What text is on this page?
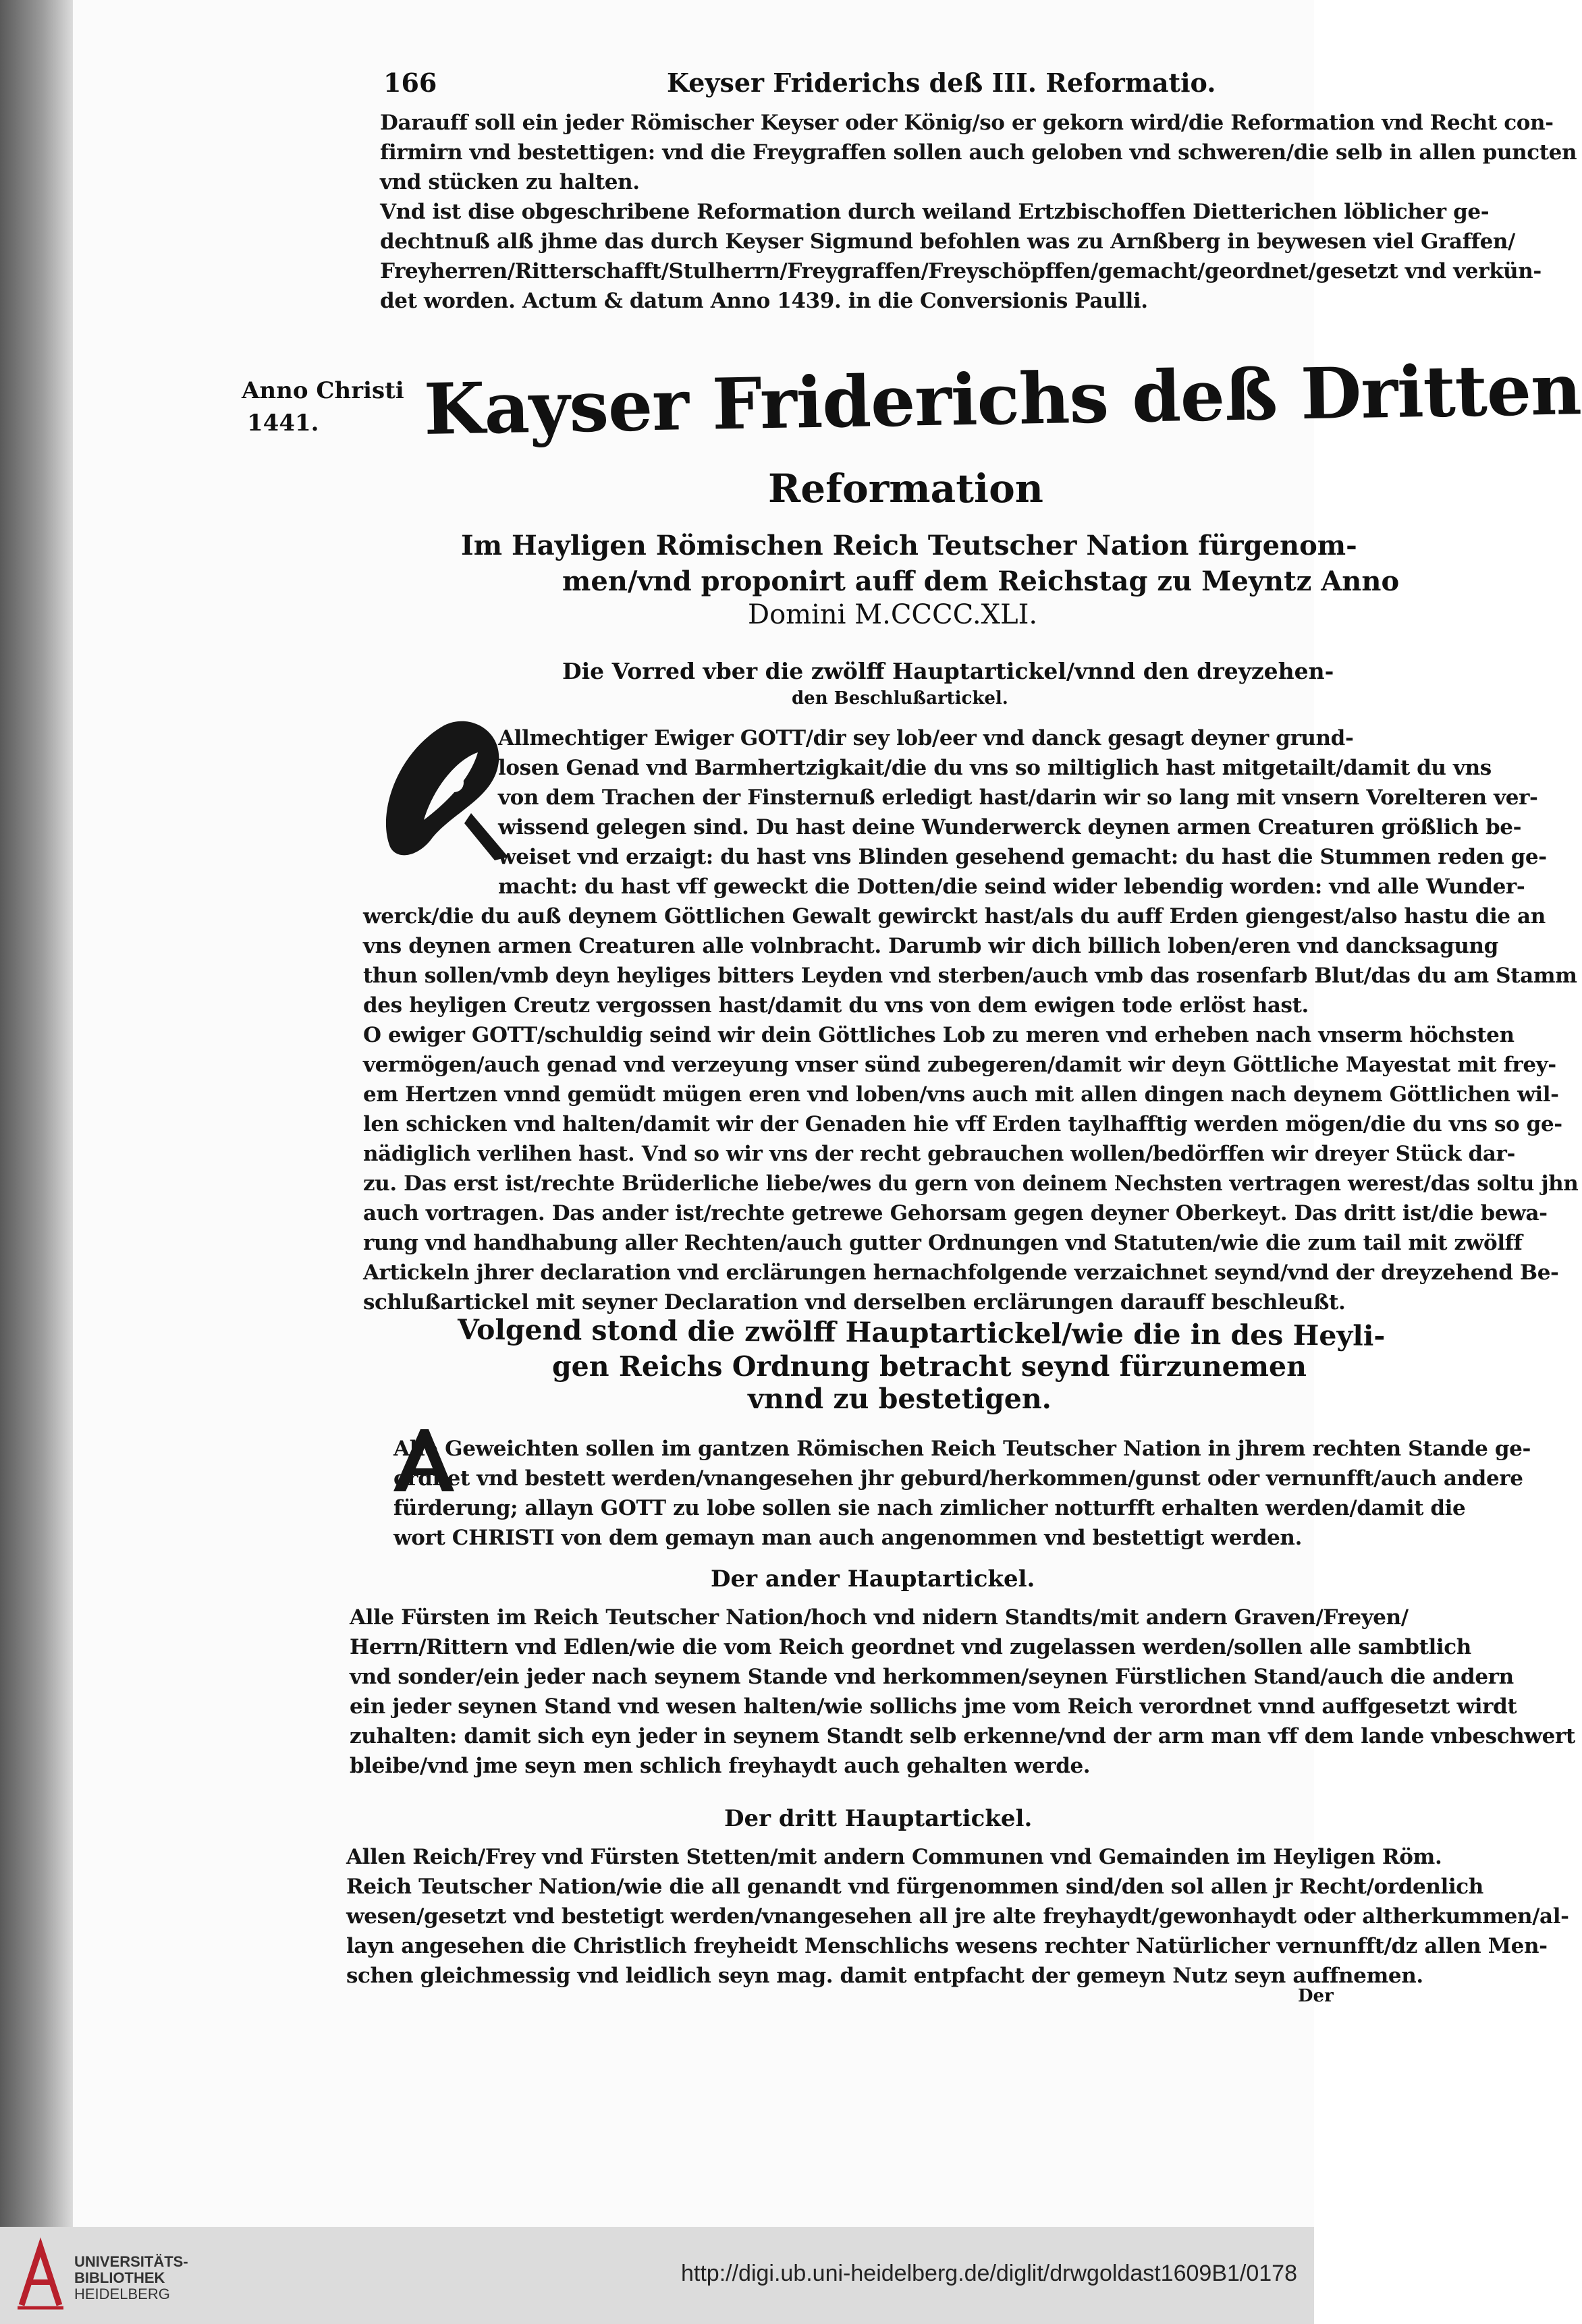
166	Keyser Friderichs deß III. Reformatio.
Darauff soll ein jeder Römischer Keyser oder König/so er gekorn wird/die Reformation vnd Recht con-
firmirn vnd bestettigen: vnd die Freygraffen sollen auch geloben vnd schweren/die selb in allen puncten
vnd stücken zu halten.
Vnd ist dise obgeschribene Reformation durch weiland Ertzbischoffen Dietterichen löblicher ge-
dechtnuß alß jhme das durch Keyser Sigmund befohlen was zu Arnßberg in beywesen viel Graffen/
Freyherren/Ritterschafft/Stulherrn/Freygraffen/Freyschöpffen/gemacht/geordnet/gesetzt vnd verkün-
det worden. Actum & datum Anno 1439. in die Conversionis Paulli.
Anno Christi
1441.	Kayser Friderichs deß Dritten
Reformation
Im Hayligen Römischen Reich Teutscher Nation fürgenom-
men/vnd proponirt auff dem Reichstag zu Meyntz Anno
Domini M.CCCC.XLI.
Die Vorred vber die zwölff Hauptartickel/vnnd den dreyzehen-
den Beschlußartickel.
Allmechtiger Ewiger GOTT/dir sey lob/eer vnd danck gesagt deyner grund-
losen Genad vnd Barmhertzigkait/die du vns so miltiglich hast mitgetailt/damit du vns
von dem Trachen der Finsternuß erledigt hast/darin wir so lang mit vnsern Vorelteren ver-
wissend gelegen sind. Du hast deine Wunderwerck deynen armen Creaturen größlich be-
weiset vnd erzaigt: du hast vns Blinden gesehend gemacht: du hast die Stummen reden ge-
macht: du hast vff geweckt die Dotten/die seind wider lebendig worden: vnd alle Wunder-
werck/die du auß deynem Göttlichen Gewalt gewirckt hast/als du auff Erden giengest/also hastu die an
vns deynen armen Creaturen alle volnbracht. Darumb wir dich billich loben/eren vnd dancksagung
thun sollen/vmb deyn heyliges bitters Leyden vnd sterben/auch vmb das rosenfarb Blut/das du am Stamm
des heyligen Creutz vergossen hast/damit du vns von dem ewigen tode erlöst hast.
O ewiger GOTT/schuldig seind wir dein Göttliches Lob zu meren vnd erheben nach vnserm höchsten
vermögen/auch genad vnd verzeyung vnser sünd zubegeren/damit wir deyn Göttliche Mayestat mit frey-
em Hertzen vnnd gemüdt mügen eren vnd loben/vns auch mit allen dingen nach deynem Göttlichen wil-
len schicken vnd halten/damit wir der Genaden hie vff Erden taylhafftig werden mögen/die du vns so ge-
nädiglich verlihen hast. Vnd so wir vns der recht gebrauchen wollen/bedörffen wir dreyer Stück dar-
zu. Das erst ist/rechte Brüderliche liebe/wes du gern von deinem Nechsten vertragen werest/das soltu jhn
auch vortragen. Das ander ist/rechte getrewe Gehorsam gegen deyner Oberkeyt. Das dritt ist/die bewa-
rung vnd handhabung aller Rechten/auch gutter Ordnungen vnd Statuten/wie die zum tail mit zwölff
Artickeln jhrer declaration vnd erclärungen hernachfolgende verzaichnet seynd/vnd der dreyzehend Be-
schlußartickel mit seyner Declaration vnd derselben erclärungen darauff beschleußt.
Volgend stond die zwölff Hauptartickel/wie die in des Heyli-
gen Reichs Ordnung betracht seynd fürzunemen
vnnd zu bestetigen.
Alle Geweichten sollen im gantzen Römischen Reich Teutscher Nation in jhrem rechten Stande ge-
ordnet vnd bestett werden/vnangesehen jhr geburd/herkommen/gunst oder vernunfft/auch andere
fürderung; allayn GOTT zu lobe sollen sie nach zimlicher notturfft erhalten werden/damit die
wort CHRISTI von dem gemayn man auch angenommen vnd bestettigt werden.
Der ander Hauptartickel.
Alle Fürsten im Reich Teutscher Nation/hoch vnd nidern Standts/mit andern Graven/Freyen/
Herrn/Rittern vnd Edlen/wie die vom Reich geordnet vnd zugelassen werden/sollen alle sambtlich
vnd sonder/ein jeder nach seynem Stande vnd herkommen/seynen Fürstlichen Stand/auch die andern
ein jeder seynen Stand vnd wesen halten/wie sollichs jme vom Reich verordnet vnnd auffgesetzt wirdt
zuhalten: damit sich eyn jeder in seynem Standt selb erkenne/vnd der arm man vff dem lande vnbeschwert
bleibe/vnd jme seyn men schlich freyhaydt auch gehalten werde.
Der dritt Hauptartickel.
Allen Reich/Frey vnd Fürsten Stetten/mit andern Communen vnd Gemainden im Heyligen Röm.
Reich Teutscher Nation/wie die all genandt vnd fürgenommen sind/den sol allen jr Recht/ordenlich
wesen/gesetzt vnd bestetigt werden/vnangesehen all jre alte freyhaydt/gewonhaydt oder altherkummen/al-
layn angesehen die Christlich freyheidt Menschlichs wesens rechter Natürlicher vernunfft/dz allen Men-
schen gleichmessig vnd leidlich seyn mag. damit entpfacht der gemeyn Nutz seyn auffnemen.
Der
UNIVERSITÄTS-
BIBLIOTHEK
HEIDELBERG
http://digi.ub.uni-heidelberg.de/diglit/drwgoldast1609B1/0178
